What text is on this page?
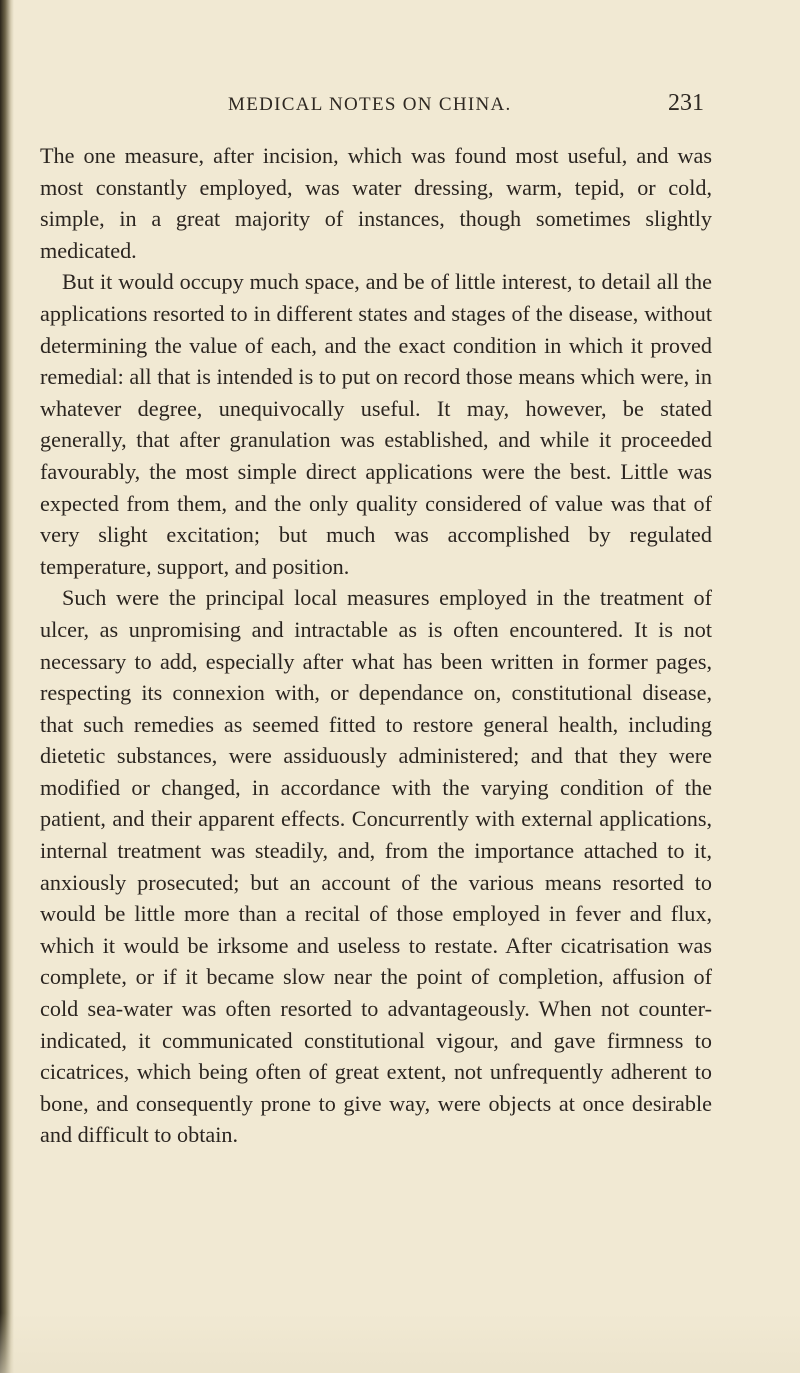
MEDICAL NOTES ON CHINA.	231

The one measure, after incision, which was found most useful, and was most constantly employed, was water dressing, warm, tepid, or cold, simple, in a great majority of instances, though sometimes slightly medicated.

But it would occupy much space, and be of little interest, to detail all the applications resorted to in different states and stages of the disease, without determining the value of each, and the exact condition in which it proved remedial: all that is intended is to put on record those means which were, in whatever degree, unequivocally useful. It may, however, be stated generally, that after granulation was established, and while it proceeded favourably, the most simple direct applications were the best. Little was expected from them, and the only quality considered of value was that of very slight excitation; but much was accomplished by regulated temperature, support, and position.

Such were the principal local measures employed in the treatment of ulcer, as unpromising and intractable as is often encountered. It is not necessary to add, especially after what has been written in former pages, respecting its connexion with, or dependance on, constitutional disease, that such remedies as seemed fitted to restore general health, including dietetic substances, were assiduously administered; and that they were modified or changed, in accordance with the varying condition of the patient, and their apparent effects. Concurrently with external applications, internal treatment was steadily, and, from the importance attached to it, anxiously prosecuted; but an account of the various means resorted to would be little more than a recital of those employed in fever and flux, which it would be irksome and useless to restate. After cicatrisation was complete, or if it became slow near the point of completion, affusion of cold sea-water was often resorted to advantageously. When not counter-indicated, it communicated constitutional vigour, and gave firmness to cicatrices, which being often of great extent, not unfrequently adherent to bone, and consequently prone to give way, were objects at once desirable and difficult to obtain.
